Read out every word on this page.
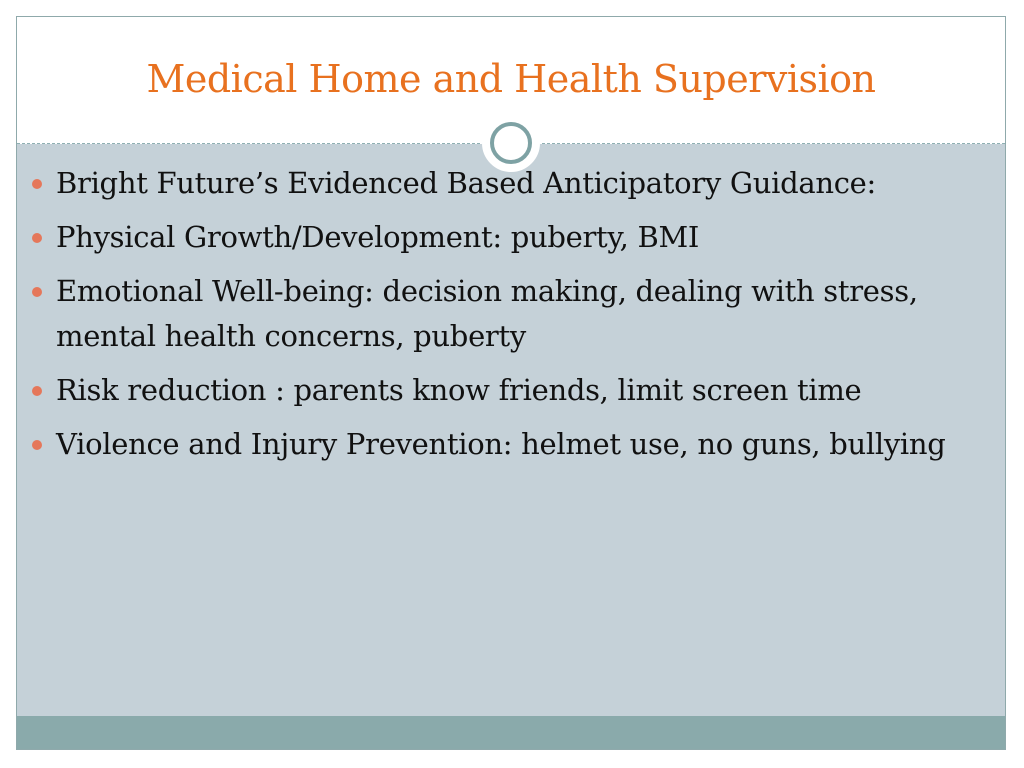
Medical Home and Health Supervision
Bright Future’s Evidenced Based Anticipatory Guidance:
Physical Growth/Development: puberty, BMI
Emotional Well-being: decision making, dealing with stress, mental health concerns, puberty
Risk reduction : parents know friends, limit screen time
Violence and Injury Prevention: helmet use, no guns, bullying
